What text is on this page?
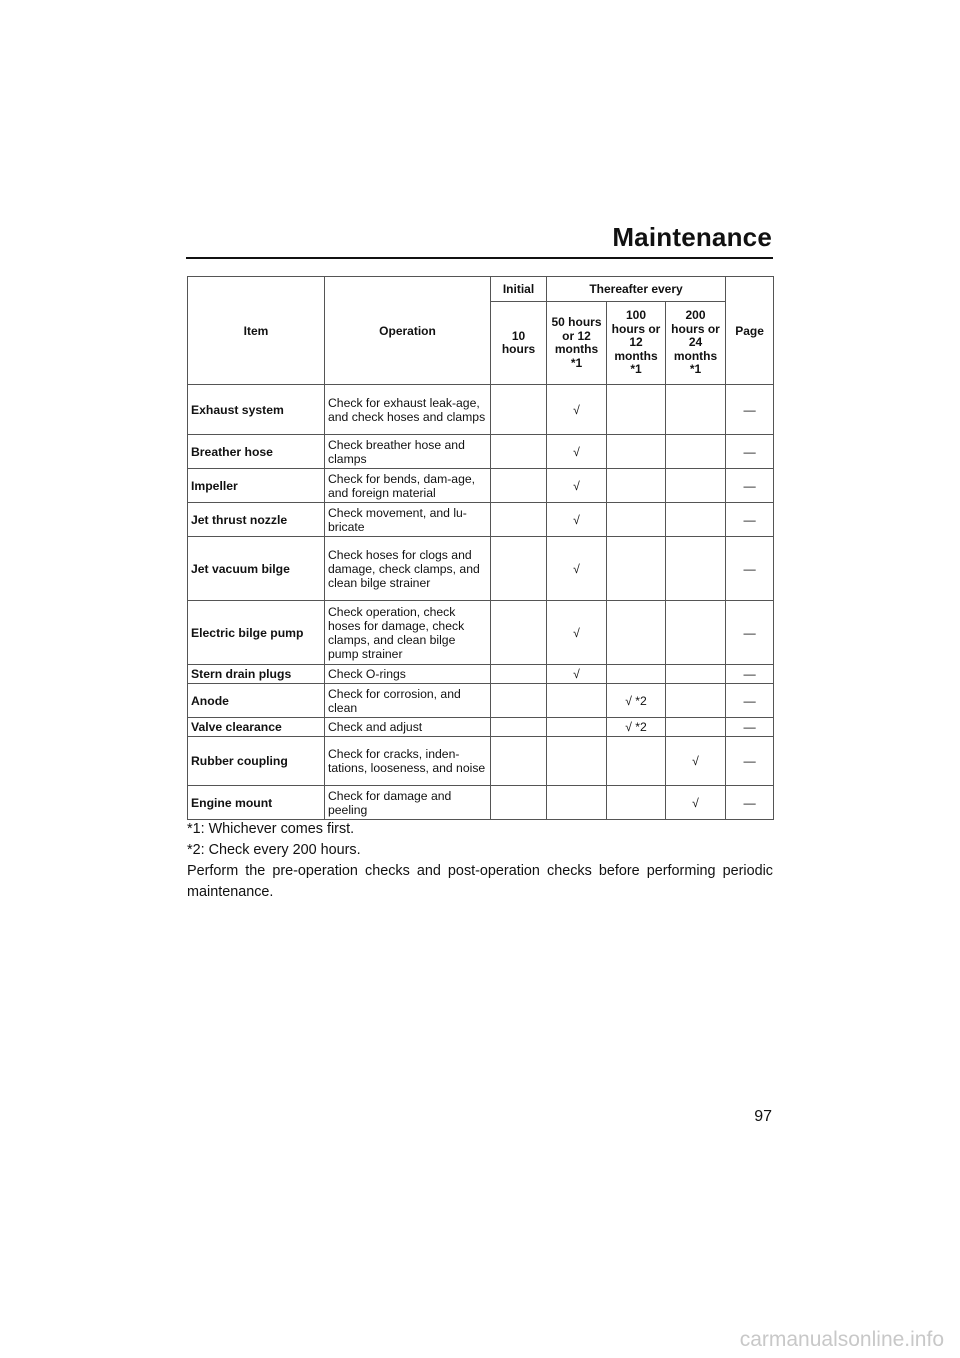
Maintenance
Item	Operation	Initial	Thereafter every			Page
		10 hours	50 hours or 12 months *1	100 hours or 12 months *1	200 hours or 24 months *1	
Exhaust system	Check for exhaust leak-age, and check hoses and clamps		√			—
Breather hose	Check breather hose and clamps		√			—
Impeller	Check for bends, dam-age, and foreign material		√			—
Jet thrust nozzle	Check movement, and lu-bricate		√			—
Jet vacuum bilge	Check hoses for clogs and damage, check clamps, and clean bilge strainer		√			—
Electric bilge pump	Check operation, check hoses for damage, check clamps, and clean bilge pump strainer		√			—
Stern drain plugs	Check O-rings		√			—
Anode	Check for corrosion, and clean			√ *2		—
Valve clearance	Check and adjust			√ *2		—
Rubber coupling	Check for cracks, inden-tations, looseness, and noise				√	—
Engine mount	Check for damage and peeling				√	—

*1: Whichever comes first.

*2: Check every 200 hours.

Perform the pre-operation checks and post-operation checks before performing periodic maintenance.

97
carmanualsonline.info
